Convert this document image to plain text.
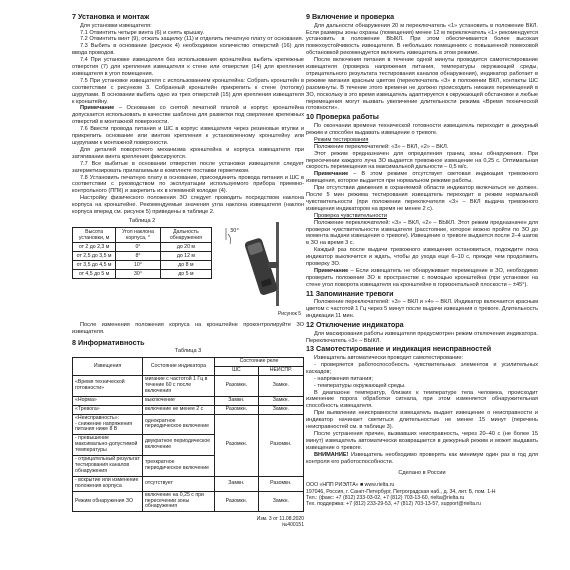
7 Установка и монтаж

Для установки извещателя:

7.1 Отвинтить четыре винта (6) и снять крышку.

7.2 Отвинтить винт (9), отжать защелку (11) и отделить печатную плату от основания.

7.3 Выбить в основании (рисунок 4) необходимое количество отверстий (16) для ввода проводов.

7.4 При установке извещателя без использования кронштейна выбить крепежные отверстия (7) для крепления извещателя к стене или отверстия (14) для крепления извещателя в угол помещения.

7.5 При установке извещателя с использованием кронштейна: Собрать кронштейн в соответствии с рисунком 3. Собранный кронштейн прикрепить к стене (потолку) шурупами. В основании выбить одно из трех отверстий (15) для крепления извещателя к кронштейну.

Примечание – Основание со снятой печатной платой и корпус кронштейна допускается использовать в качестве шаблона для разметки под сверление крепежных отверстий в монтажной поверхности.

7.6 Ввести провода питания и ШС в корпус извещателя через резиновые втулки и прикрепить основание или винтом крепления к установленному кронштейну или шурупами к монтажной поверхности.

Для деталей поворотного механизма кронштейна и корпуса извещателя при затягивании винта крепления фиксируются.

7.7 Все выбитые в основании отверстия после установки извещателя следует загерметизировать прилагаемым в комплекте поставки герметиком.

7.8 Установить печатную плату в основание, присоединить провода питания и ШС в соответствии с руководством по эксплуатации используемого прибора приемно-контрольного (ППК) и закрепить их в клеммной колодке (4).

Настройку физического положения ЗО следует проводить посредством наклона корпуса на кронштейне. Рекомендуемые значения угла наклона извещателя (наклон корпуса вперед см. рисунок 5) приведены в таблице 2.

Таблица 2

Высота установки, м	Угол наклона корпуса, °	Дальность обнаружения
от 2 до 2,3 м	0°	до 20 м
от 2,5 до 3,5 м	8°	до 12 м
от 3,5 до 4,5 м	10°	до 8 м
от 4,5 до 5 м	30°	до 5 м
30°

Рисунок 5

После изменения положения корпуса на кронштейне проконтролируйте ЗО извещателя.

8 Информативность

Таблица 3

Извещения	Состояние индикатора	Состояние реле	
		ШС	НЕИСПР.
«Время технической готовности»	мигание с частотой 1 Гц в течение 60 с после включения	Разомкн.	Замкн.
«Норма»	выключение	Замкн.	Замкн.
«Тревога»	включение не менее 2 с	Разомкн.	Замкн.
«Неисправность»:
- снижение напряжения питания ниже 8 В	однократное периодическое включение	Разомкн.	Разомкн.
- превышение максимально-допустимой температуры	двукратное периодическое включение		
- отрицательный результат тестирования каналов обнаружения	трехкратное периодическое включение		
- вскрытие или изменение положения корпуса	отсутствует	Замкн.	Разомкн.
Режим обнаружения ЗО	включение на 0,25 с при пересечении зоны обнаружения	Разомкн.	Замкн.
Изм. 3 от 11.08.2020
№400151
9 Включение и проверка

Для дальности обнаружения 20 м переключатель «1» установить в положение ВКЛ. Если размеры зоны охраны (помещения) менее 12 м переключатель «1» рекомендуется установить в положение ВЫКЛ. При этом обеспечивается более высокая помехоустойчивость извещателя. В небольших помещениях с повышенной помеховой обстановкой рекомендуется включить извещатель в этом режиме.

После включения питания в течение одной минуты проводится самотестирование извещателя (проверка напряжения питания, температуры окружающей среды, отрицательного результата тестирования каналов обнаружения), индикатор работает в режиме мигания красным цветом (переключатель «3» в положении ВКЛ, контакты ШС разомкнуты. В течение этого времени не должно происходить никаких перемещений в ЗО, поскольку в это время извещатель адаптируется к окружающей обстановке и любые перемещения могут вызвать увеличение длительности режима «Время технической готовности».

10 Проверка работы

По окончании времени технической готовности извещатель переходит в дежурный режим и способен выдавать извещение о тревоге.

Режим тестирования

Положение переключателей: «3» – ВКЛ, «2» – ВКЛ.

Этот режим предназначен для определения границ зоны обнаружения. При пересечении каждого луча ЗО выдается тревожное извещение на 0,25 с. Оптимальная скорость перемещения на максимальной дальности – 0,5 м/с.

Примечание – В этом режиме отсутствует световая индикация тревожного извещения, которое выдается при нормальном режиме работы.

При отсутствии движения в охраняемой области индикатор включаться не должен. После 5 мин режима тестирования извещатель переходит в режим нормальной чувствительности (при положении переключателя «3» – ВКЛ выдача тревожного извещения индикатором на время не менее 2 с).

Проверка чувствительности

Положение переключателей: «3» – ВКЛ, «2» – ВЫКЛ. Этот режим предназначен для проверки чувствительности извещателя (расстояние, которое можно пройти по ЗО до момента выдачи извещения о тревоге). Извещение о тревоге выдается после 2–4 шагов в ЗО на время 3 с.

Каждый раз после выдачи тревожного извещения остановиться, подождите пока индикатор выключится и ждать, чтобы до ухода еще 6–10 с, прежде чем продолжить проверку ЗО.

Примечание – Если извещатель не обнаруживает перемещение в ЗО, необходимо проверить положение ЗО в пространстве с помощью кронштейна (при установке на стене угол поворота извещателя на кронштейне в горизонтальной плоскости – ±45°).

11 Запоминание тревоги

Положение переключателей: «3» – ВКЛ и «4» – ВКЛ. Индикатор включается красным цветом с частотой 1 Гц через 5 минут после выдачи извещения о тревоге. Длительность индикации 11 мин.

12 Отключение индикатора

Для маскирования работы извещателя предусмотрен режим отключения индикатора. Переключатель «3» – ВЫКЛ.

13 Самотестирование и индикация неисправностей

Извещатель автоматически проводит самотестирование:

- проверяется работоспособность чувствительных элементов и усилительных каскадов;

- напряжения питания;

- температуры окружающей среды.

В диапазоне температур, близких к температуре тела человека, происходит изменение порога обработки сигнала, при этом изменяется обнаружительная способность извещателя.

При выявлении неисправности извещатель выдает извещение о неисправности и индикатор начинает светиться длительностью не менее 15 минут (перечень неисправностей см. в таблице 3).

После устранения причин, вызвавших неисправность, через 20–40 с (не более 15 минут) извещатель автоматически возвращается в дежурный режим и может выдавать извещение о тревоге.

ВНИМАНИЕ! Извещатель необходимо проверять как минимум один раз в год для контроля его работоспособности.

Сделано в России

ООО «НПП РИЭЛТА» ■ www.rielta.ru
197046, Россия, г. Санкт-Петербург, Петроградская наб., д. 34, лит. Б, пом. 1-Н
Тел.: (факс: +7 (812) 233-03-02, +7 (812) 703-13-60, rielta@rielta.ru
Тех. поддержка: +7 (812) 233-29-53, +7 (812) 703-13-57, support@rielta.ru
